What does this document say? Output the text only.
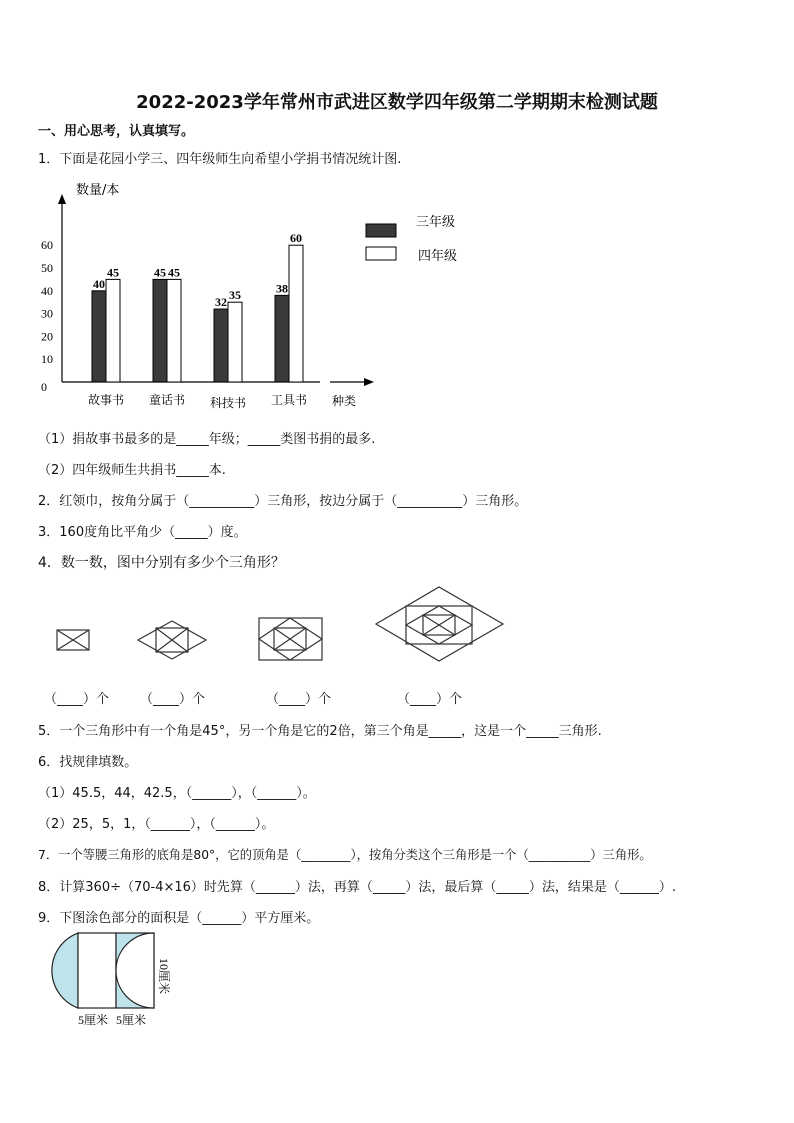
2022-2023学年常州市武进区数学四年级第二学期期末检测试题
一、用心思考，认真填写。
1．下面是花园小学三、四年级师生向希望小学捐书情况统计图.
数量/本
种类
0
10
20
30
40
50
60
40
45	45 45
32 35	38
60
故事书 童话书 科技书 工具书
三年级
四年级
（1）捐故事书最多的是_____年级；_____类图书捐的最多.
（2）四年级师生共捐书_____本.
2．红领巾，按角分属于（__________）三角形，按边分属于（__________）三角形。
3．160度角比平角少（_____）度。
4．数一数，图中分别有多少个三角形？
（____）个 （____）个	（____）个	（____）个
5．一个三角形中有一个角是45°，另一个角是它的2倍，第三个角是_____，这是一个_____三角形.
6．找规律填数。
（1）45.5，44，42.5，（______），（______）。
（2）25，5，1，（______），（______）。
7．一个等腰三角形的底角是80°，它的顶角是（________），按角分类这个三角形是一个（__________）三角形。
8．计算360÷（70-4×16）时先算（______）法，再算（_____）法，最后算（_____）法，结果是（______）.
9．下图涂色部分的面积是（______）平方厘米。
10厘米
5厘米 5厘米
